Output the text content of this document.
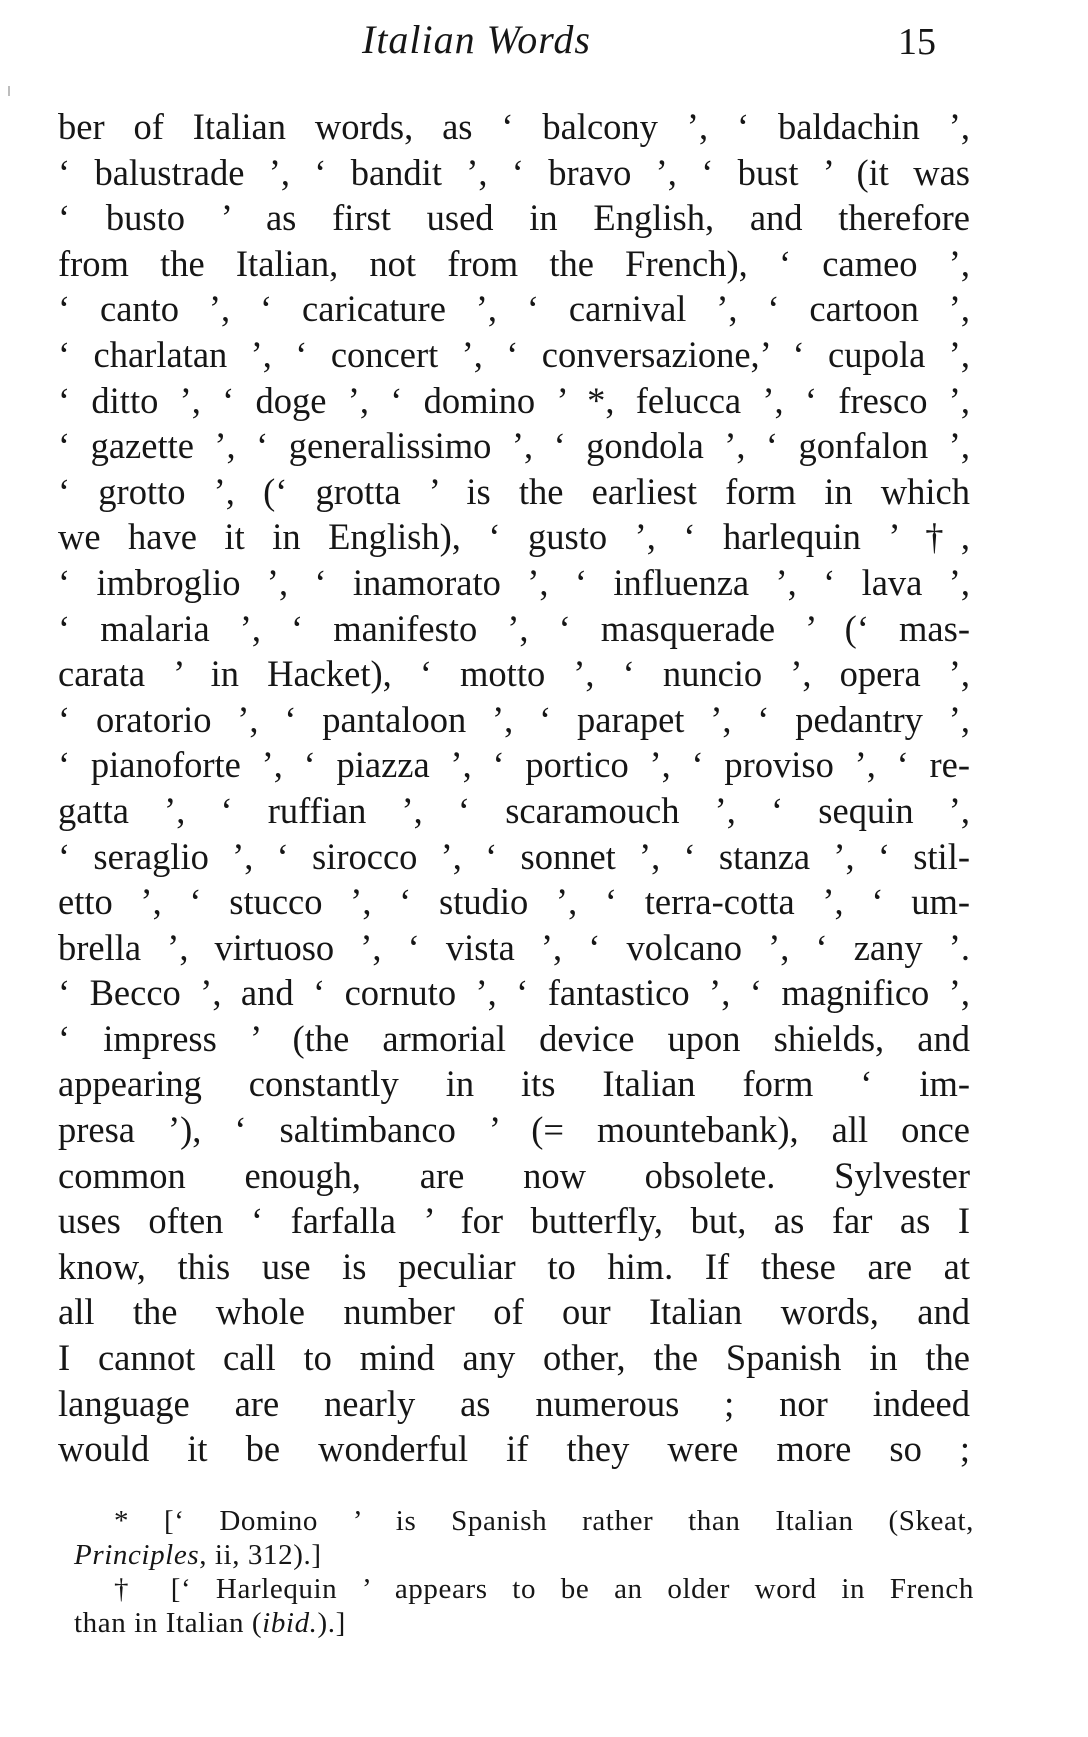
Italian Words	15
ber of Italian words, as ‘ balcony ’, ‘ baldachin ’,
‘ balustrade ’, ‘ bandit ’, ‘ bravo ’, ‘ bust ’ (it was
‘ busto ’ as first used in English, and therefore
from the Italian, not from the French), ‘ cameo ’,
‘ canto ’, ‘ caricature ’, ‘ carnival ’, ‘ cartoon ’,
‘ charlatan ’, ‘ concert ’, ‘ conversazione,’ ‘ cupola ’,
‘ ditto ’, ‘ doge ’, ‘ domino ’ *, felucca ’, ‘ fresco ’,
‘ gazette ’, ‘ generalissimo ’, ‘ gondola ’, ‘ gonfalon ’,
‘ grotto ’, (‘ grotta ’ is the earliest form in which
we have it in English), ‘ gusto ’, ‘ harlequin ’ †,
‘ imbroglio ’, ‘ inamorato ’, ‘ influenza ’, ‘ lava ’,
‘ malaria ’, ‘ manifesto ’, ‘ masquerade ’ (‘ mas-
carata ’ in Hacket), ‘ motto ’, ‘ nuncio ’, opera ’,
‘ oratorio ’, ‘ pantaloon ’, ‘ parapet ’, ‘ pedantry ’,
‘ pianoforte ’, ‘ piazza ’, ‘ portico ’, ‘ proviso ’, ‘ re-
gatta ’, ‘ ruffian ’, ‘ scaramouch ’, ‘ sequin ’,
‘ seraglio ’, ‘ sirocco ’, ‘ sonnet ’, ‘ stanza ’, ‘ stil-
etto ’, ‘ stucco ’, ‘ studio ’, ‘ terra-cotta ’, ‘ um-
brella ’, virtuoso ’, ‘ vista ’, ‘ volcano ’, ‘ zany ’.
‘ Becco ’, and ‘ cornuto ’, ‘ fantastico ’, ‘ magnifico ’,
‘ impress ’ (the armorial device upon shields, and
appearing constantly in its Italian form ‘ im-
presa ’), ‘ saltimbanco ’ (= mountebank), all once
common enough, are now obsolete. Sylvester
uses often ‘ farfalla ’ for butterfly, but, as far as I
know, this use is peculiar to him. If these are at
all the whole number of our Italian words, and
I cannot call to mind any other, the Spanish in the
language are nearly as numerous ; nor indeed
would it be wonderful if they were more so ;
* [‘ Domino ’ is Spanish rather than Italian (Skeat,
Principles, ii, 312).]
† [‘ Harlequin ’ appears to be an older word in French
than in Italian (ibid.).]
